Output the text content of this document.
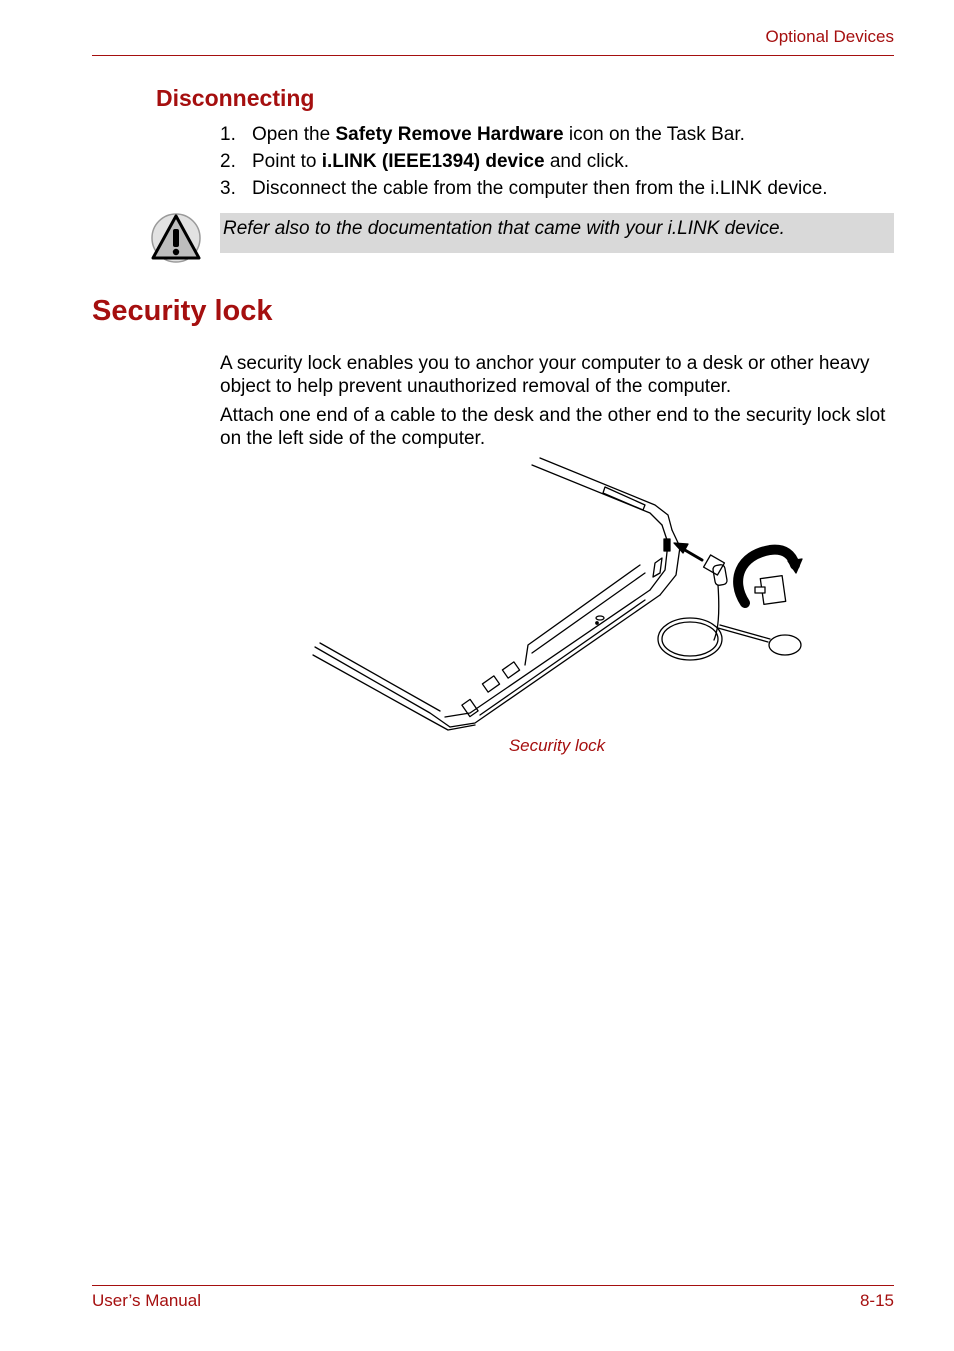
Optional Devices
Disconnecting
1. Open the Safety Remove Hardware icon on the Task Bar.
2. Point to i.LINK (IEEE1394) device and click.
3. Disconnect the cable from the computer then from the i.LINK device.
Refer also to the documentation that came with your i.LINK device.
Security lock
A security lock enables you to anchor your computer to a desk or other heavy object to help prevent unauthorized removal of the computer.
Attach one end of a cable to the desk and the other end to the security lock slot on the left side of the computer.
Security lock
User’s Manual	8-15
